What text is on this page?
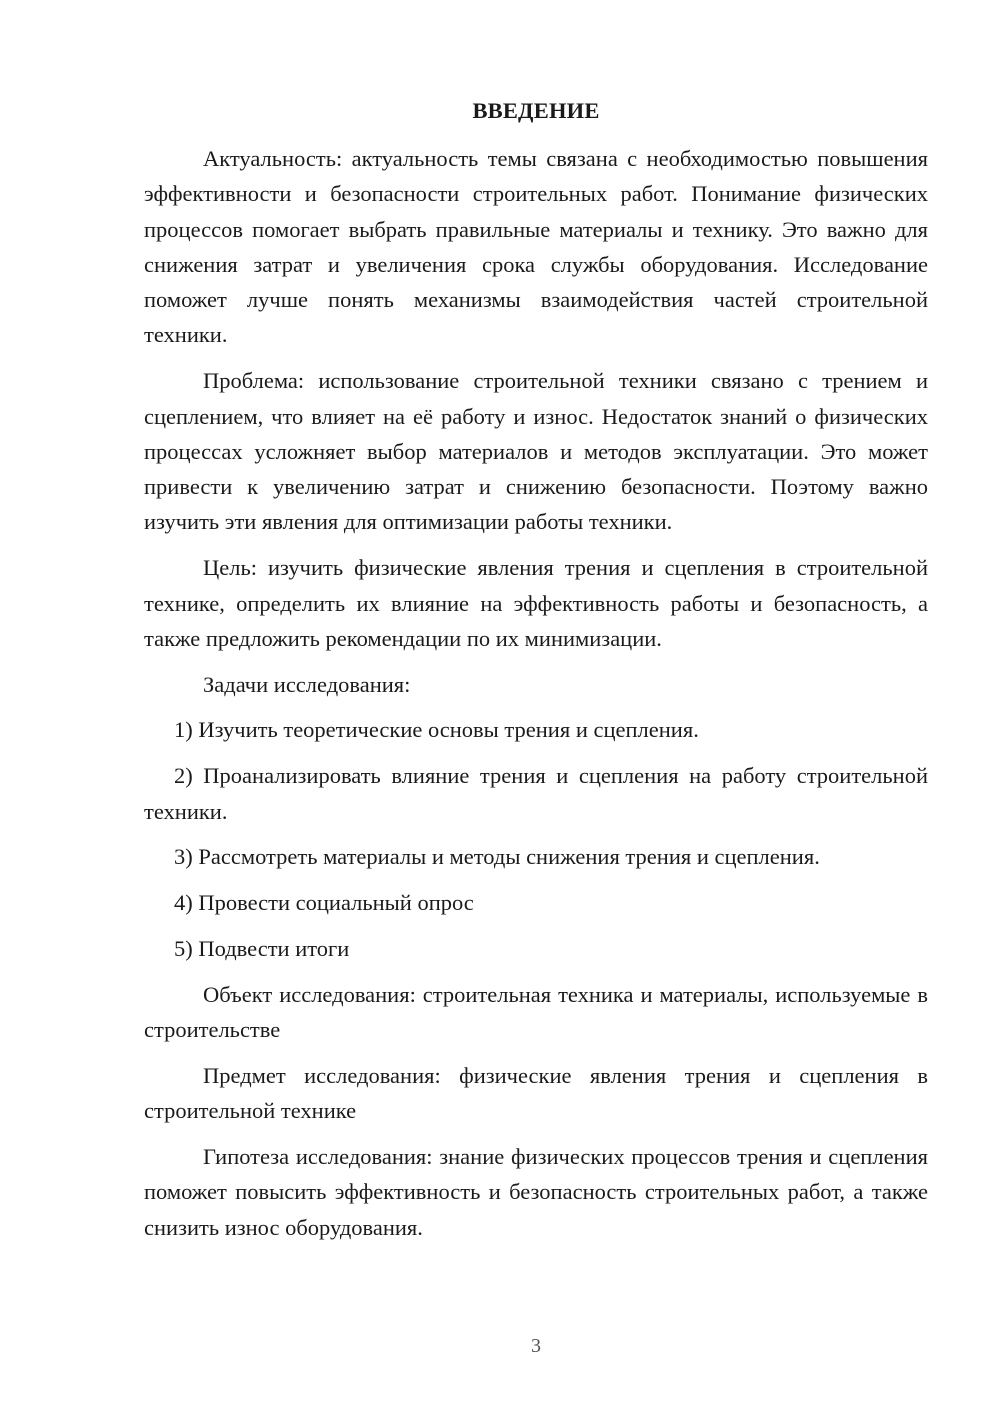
ВВЕДЕНИЕ

Актуальность: актуальность темы связана с необходимостью повышения эффективности и безопасности строительных работ. Понимание физических процессов помогает выбрать правильные материалы и технику. Это важно для снижения затрат и увеличения срока службы оборудования. Исследование поможет лучше понять механизмы взаимодействия частей строительной техники.

Проблема: использование строительной техники связано с трением и сцеплением, что влияет на её работу и износ. Недостаток знаний о физических процессах усложняет выбор материалов и методов эксплуатации. Это может привести к увеличению затрат и снижению безопасности. Поэтому важно изучить эти явления для оптимизации работы техники.

Цель: изучить физические явления трения и сцепления в строительной технике, определить их влияние на эффективность работы и безопасность, а также предложить рекомендации по их минимизации.

Задачи исследования:

1) Изучить теоретические основы трения и сцепления.

2) Проанализировать влияние трения и сцепления на работу строительной техники.

3) Рассмотреть материалы и методы снижения трения и сцепления.

4) Провести социальный опрос

5) Подвести итоги

Объект исследования: строительная техника и материалы, используемые в строительстве

Предмет исследования: физические явления трения и сцепления в строительной технике

Гипотеза исследования: знание физических процессов трения и сцепления поможет повысить эффективность и безопасность строительных работ, а также снизить износ оборудования.

3
